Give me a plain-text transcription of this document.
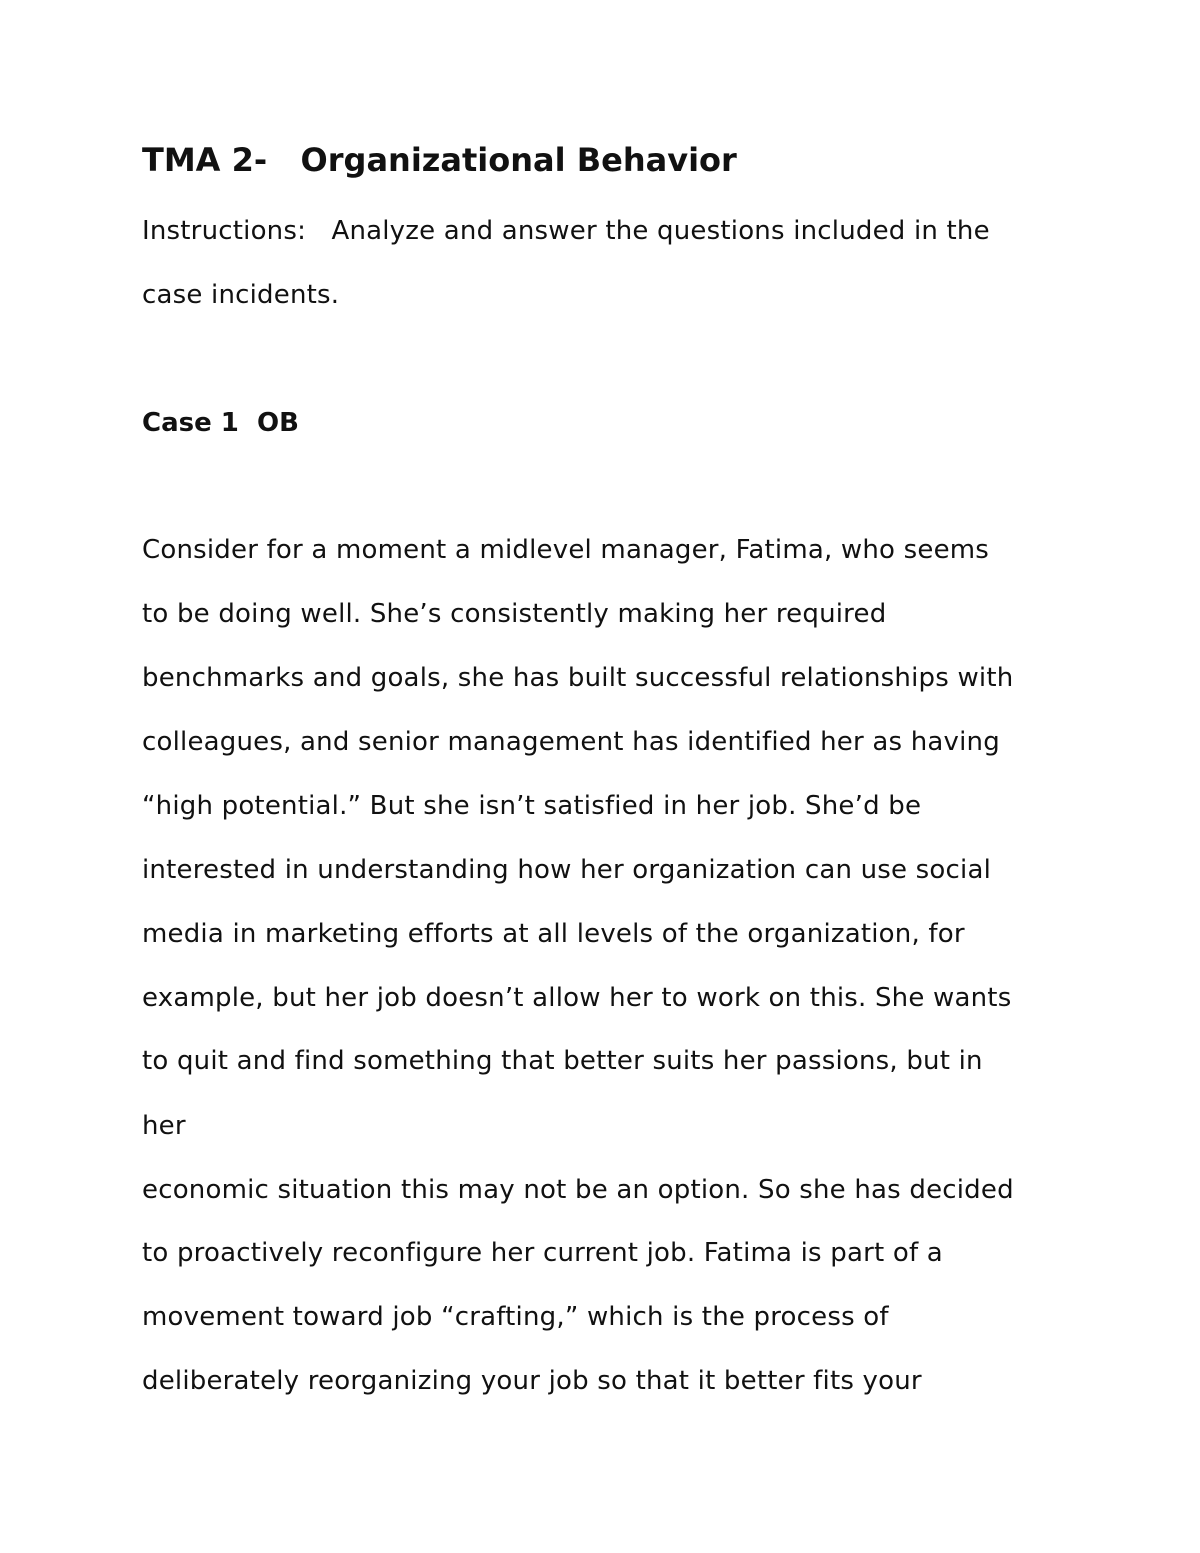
TMA 2-   Organizational Behavior
Instructions:   Analyze and answer the questions included in the
case incidents.
Case 1  OB
Consider for a moment a midlevel manager, Fatima, who seems
to be doing well. She’s consistently making her required
benchmarks and goals, she has built successful relationships with
colleagues, and senior management has identified her as having
“high potential.” But she isn’t satisfied in her job. She’d be
interested in understanding how her organization can use social
media in marketing efforts at all levels of the organization, for
example, but her job doesn’t allow her to work on this. She wants
to quit and find something that better suits her passions, but in
her
economic situation this may not be an option. So she has decided
to proactively reconfigure her current job. Fatima is part of a
movement toward job “crafting,” which is the process of
deliberately reorganizing your job so that it better fits your
